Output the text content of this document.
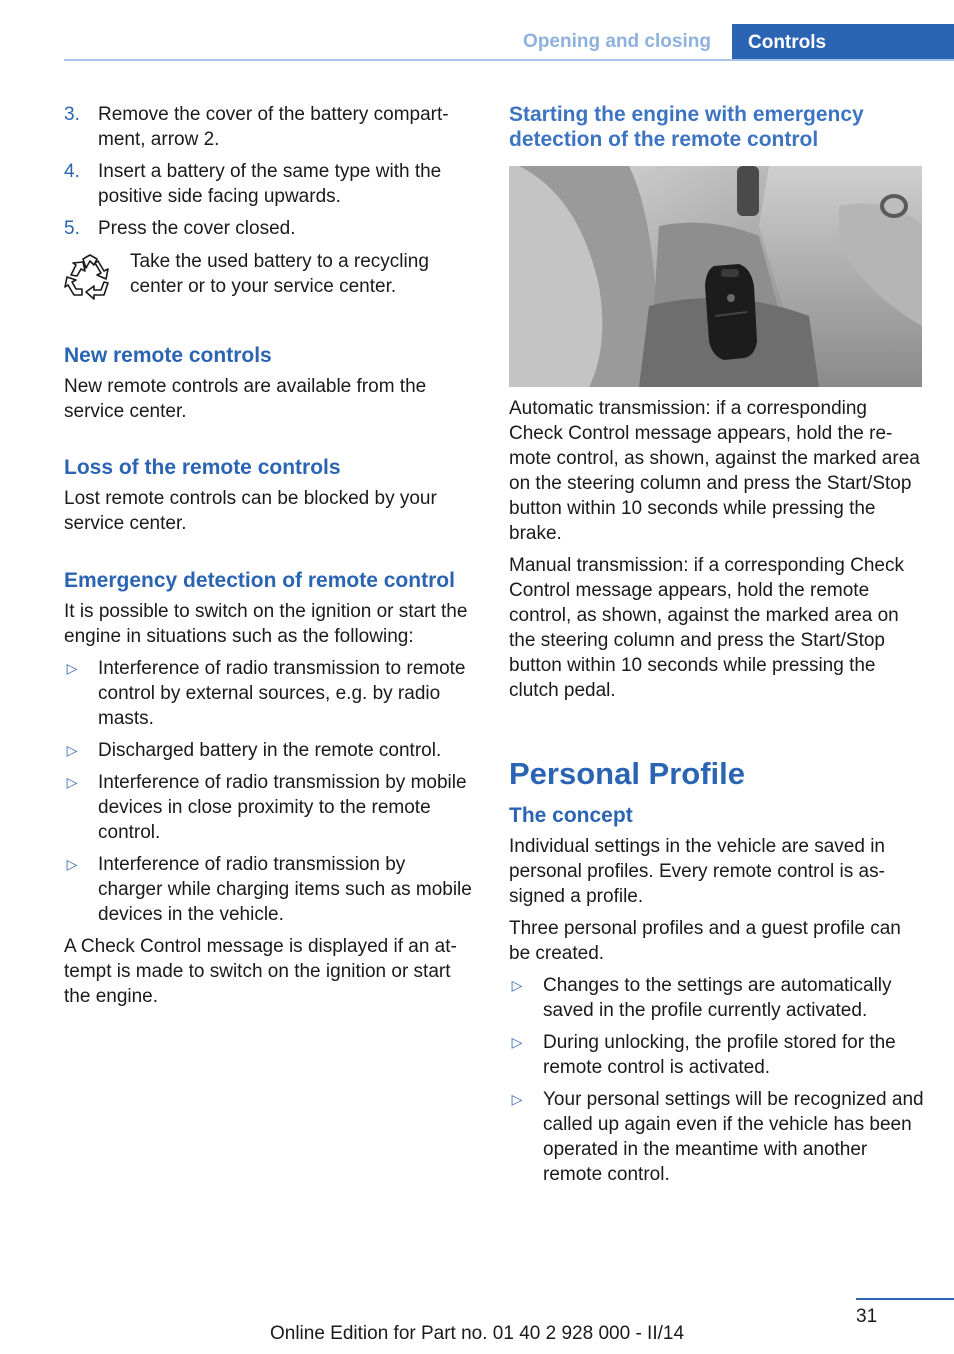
Opening and closing	Controls
3. Remove the cover of the battery compartment, arrow 2.
4. Insert a battery of the same type with the positive side facing upwards.
5. Press the cover closed.
Take the used battery to a recycling center or to your service center.
New remote controls

New remote controls are available from the service center.

Loss of the remote controls

Lost remote controls can be blocked by your service center.

Emergency detection of remote control

It is possible to switch on the ignition or start the engine in situations such as the following:

▷ Interference of radio transmission to remote control by external sources, e.g. by radio masts.
▷ Discharged battery in the remote control.
▷ Interference of radio transmission by mobile devices in close proximity to the remote control.
▷ Interference of radio transmission by charger while charging items such as mobile devices in the vehicle.

A Check Control message is displayed if an attempt is made to switch on the ignition or start the engine.

Starting the engine with emergency detection of the remote control

Automatic transmission: if a corresponding Check Control message appears, hold the remote control, as shown, against the marked area on the steering column and press the Start/Stop button within 10 seconds while pressing the brake.

Manual transmission: if a corresponding Check Control message appears, hold the remote control, as shown, against the marked area on the steering column and press the Start/Stop button within 10 seconds while pressing the clutch pedal.

Personal Profile
The concept

Individual settings in the vehicle are saved in personal profiles. Every remote control is assigned a profile.

Three personal profiles and a guest profile can be created.

▷ Changes to the settings are automatically saved in the profile currently activated.
▷ During unlocking, the profile stored for the remote control is activated.
▷ Your personal settings will be recognized and called up again even if the vehicle has been operated in the meantime with another remote control.
31
Online Edition for Part no. 01 40 2 928 000 - II/14
